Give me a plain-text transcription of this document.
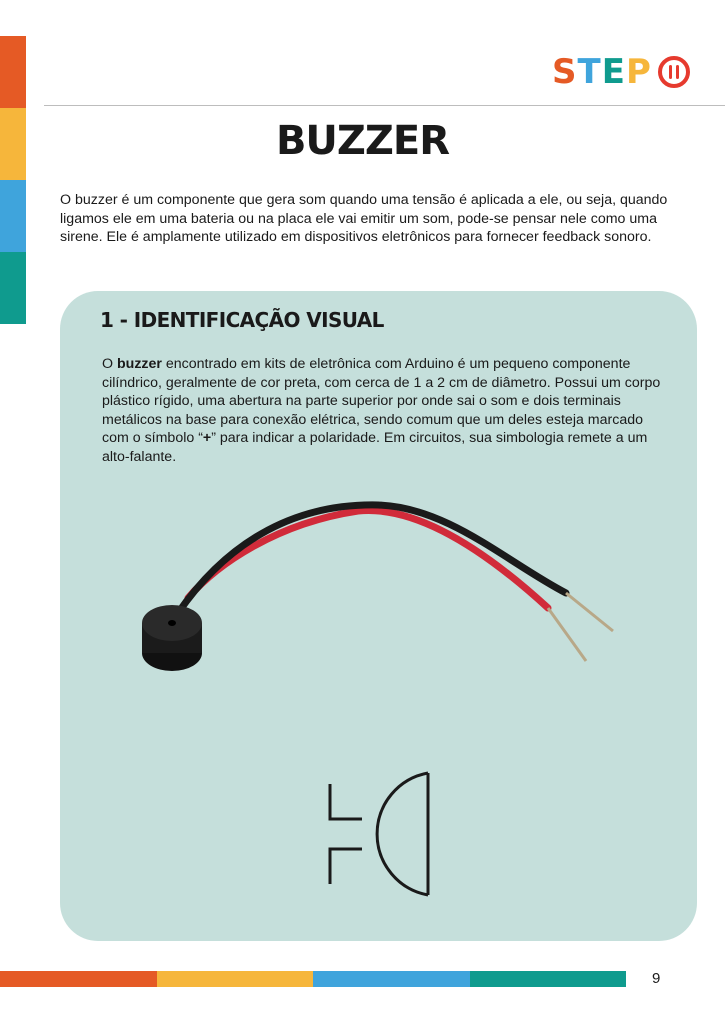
STEP
BUZZER

O buzzer é um componente que gera som quando uma tensão é aplicada a ele, ou seja, quando ligamos ele em uma bateria ou na placa ele vai emitir um som, pode-se pensar nele como uma sirene. Ele é amplamente utilizado em dispositivos eletrônicos para fornecer feedback sonoro.

1 - IDENTIFICAÇÃO VISUAL

O buzzer encontrado em kits de eletrônica com Arduino é um pequeno componente cilíndrico, geralmente de cor preta, com cerca de 1 a 2 cm de diâmetro. Possui um corpo plástico rígido, uma abertura na parte superior por onde sai o som e dois terminais metálicos na base para conexão elétrica, sendo comum que um deles esteja marcado com o símbolo “+” para indicar a polaridade. Em circuitos, sua simbologia remete a um alto-falante.

9
